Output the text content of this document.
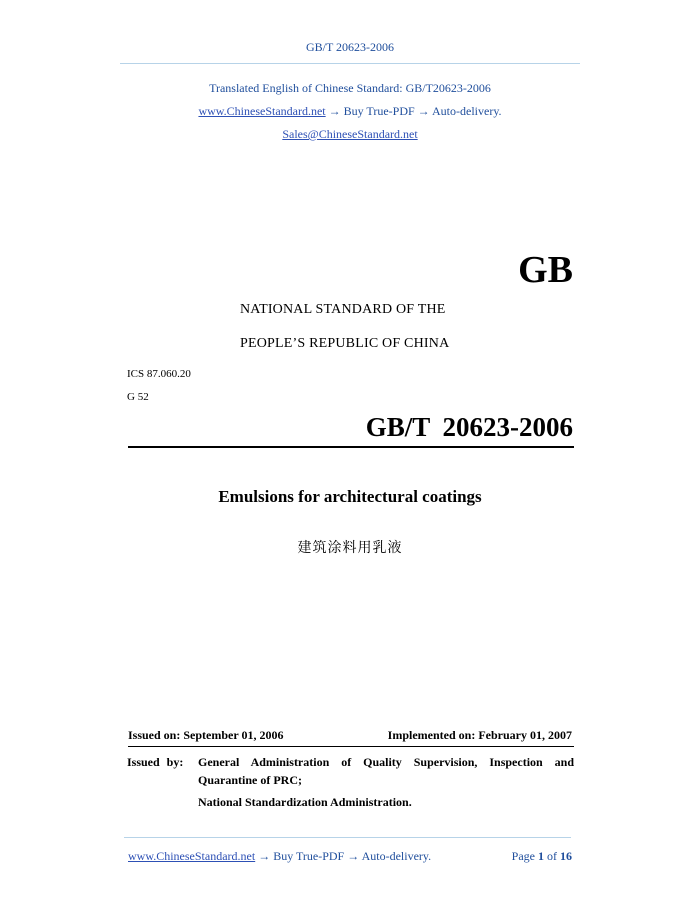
GB/T 20623-2006
Translated English of Chinese Standard: GB/T20623-2006
www.ChineseStandard.net → Buy True-PDF → Auto-delivery.
Sales@ChineseStandard.net
GB
NATIONAL STANDARD OF THE
PEOPLE’S REPUBLIC OF CHINA
ICS 87.060.20
G 52
GB/T 20623-2006
Emulsions for architectural coatings
建筑涂料用乳液
Issued on: September 01, 2006	Implemented on: February 01, 2007
Issued by: General Administration of Quality Supervision, Inspection and Quarantine of PRC;
National Standardization Administration.
www.ChineseStandard.net → Buy True-PDF → Auto-delivery.	Page 1 of 16
